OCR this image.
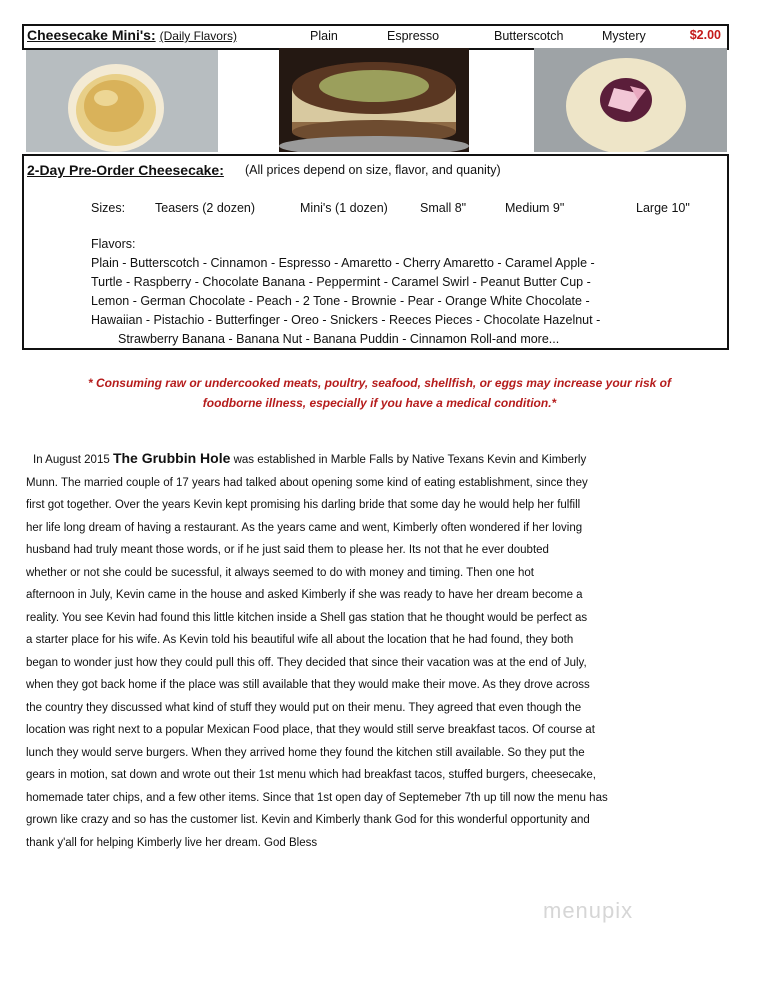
Cheesecake Mini's: (Daily Flavors)	Plain	Espresso	Butterscotch	Mystery	$2.00
2-Day Pre-Order Cheesecake: (All prices depend on size, flavor, and quanity)
Sizes: Teasers (2 dozen)	Mini's (1 dozen)	Small 8"	Medium 9"	Large 10"
Flavors:
Plain - Butterscotch - Cinnamon - Espresso - Amaretto - Cherry Amaretto - Caramel Apple -
Turtle - Raspberry - Chocolate Banana - Peppermint - Caramel Swirl - Peanut Butter Cup -
Lemon - German Chocolate - Peach - 2 Tone - Brownie - Pear - Orange White Chocolate -
Hawaiian - Pistachio - Butterfinger - Oreo - Snickers - Reeces Pieces - Chocolate Hazelnut -
Strawberry Banana - Banana Nut - Banana Puddin - Cinnamon Roll-and more...
* Consuming raw or undercooked meats, poultry, seafood, shellfish, or eggs may increase your risk of
foodborne illness, especially if you have a medical condition.*
In August 2015 The Grubbin Hole was established in Marble Falls by Native Texans Kevin and Kimberly
Munn. The married couple of 17 years had talked about opening some kind of eating establishment, since they
first got together. Over the years Kevin kept promising his darling bride that some day he would help her fulfill
her life long dream of having a restaurant. As the years came and went, Kimberly often wondered if her loving
husband had truly meant those words, or if he just said them to please her. Its not that he ever doubted
whether or not she could be sucessful, it always seemed to do with money and timing. Then one hot
afternoon in July, Kevin came in the house and asked Kimberly if she was ready to have her dream become a
reality. You see Kevin had found this little kitchen inside a Shell gas station that he thought would be perfect as
a starter place for his wife. As Kevin told his beautiful wife all about the location that he had found, they both
began to wonder just how they could pull this off. They decided that since their vacation was at the end of July,
when they got back home if the place was still available that they would make their move. As they drove across
the country they discussed what kind of stuff they would put on their menu. They agreed that even though the
location was right next to a popular Mexican Food place, that they would still serve breakfast tacos. Of course at
lunch they would serve burgers. When they arrived home they found the kitchen still available. So they put the
gears in motion, sat down and wrote out their 1st menu which had breakfast tacos, stuffed burgers, cheesecake,
homemade tater chips, and a few other items. Since that 1st open day of Septemeber 7th up till now the menu has
grown like crazy and so has the customer list. Kevin and Kimberly thank God for this wonderful opportunity and
thank y'all for helping Kimberly live her dream. God Bless
menupix
